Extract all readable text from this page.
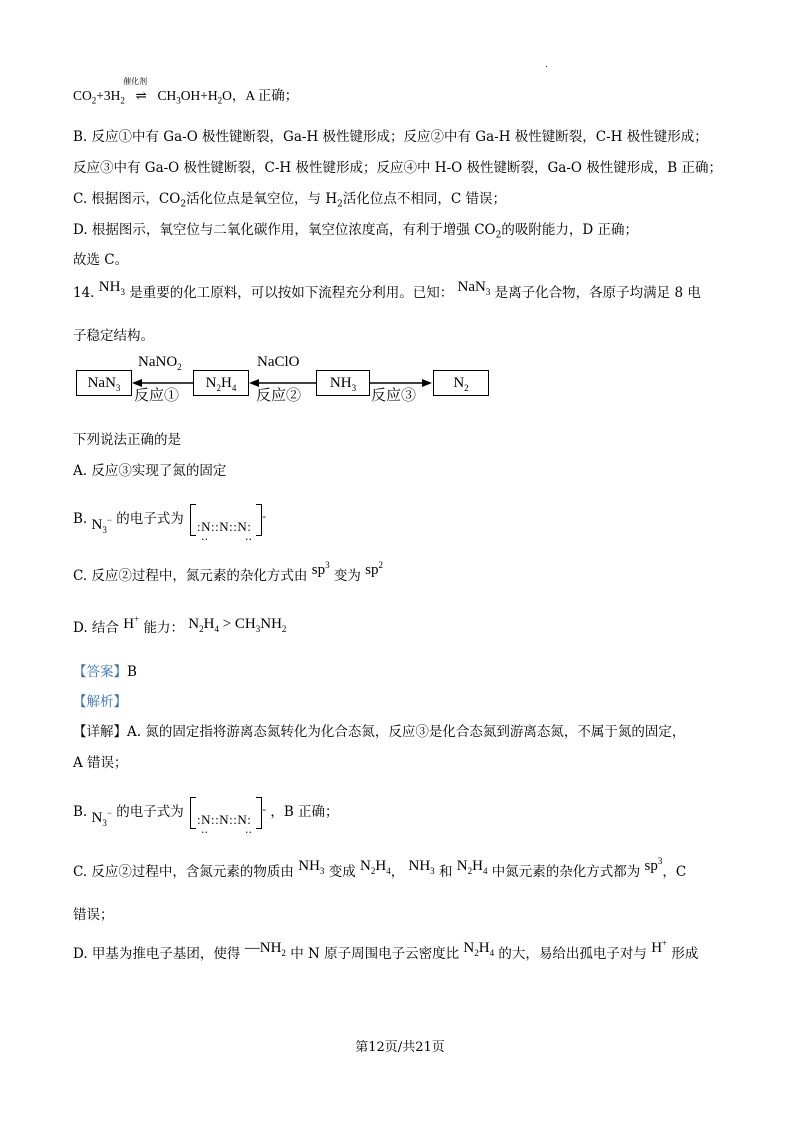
.
$CO_2+3H_2$
催化剂
⇌ $CH_3OH+H_2O$，A 正确；
B. 反应①中有 Ga-O 极性键断裂，Ga-H 极性键形成；反应②中有 Ga-H 极性键断裂，C-H 极性键形成；
反应③中有 Ga-O 极性键断裂，C-H 极性键形成；反应④中 H-O 极性键断裂，Ga-O 极性键形成，B 正确；
C. 根据图示，$CO_2$活化位点是氧空位，与 $H_2$活化位点不相同，C 错误；
D. 根据图示，氧空位与二氧化碳作用，氧空位浓度高，有利于增强 $CO_2$的吸附能力，D 正确；
故选 C。
14. $NH_3$ 是重要的化工原料，可以按如下流程充分利用。已知： NaN$_3$ 是离子化合物，各原子均满足 8 电
子稳定结构。
NaN$_3$	$N_2H_4$	$NH_3$	$N_2$
NaNO$_2$	NaClO
反应①	反应②	反应③
下列说法正确的是
A. 反应③实现了氮的固定
B. $N_3^-$ 的电子式为 :N::N::N:
··	··
-
C. 反应②过程中，氮元素的杂化方式由 $sp^3$ 变为 $sp^2$
D. 结合 H+ 能力： $N_2H_4 > CH_3NH_2$
【答案】B
【解析】
【详解】A. 氮的固定指将游离态氮转化为化合态氮，反应③是化合态氮到游离态氮，不属于氮的固定，
A 错误；
B. $N_3^-$ 的电子式为 :N::N::N:
··	··
- ，B 正确；
C. 反应②过程中，含氮元素的物质由 $NH_3$ 变成 $N_2H_4$， $NH_3$ 和 $N_2H_4$ 中氮元素的杂化方式都为 $sp^3$，C
错误；
D. 甲基为推电子基团，使得 $—NH_2$ 中 N 原子周围电子云密度比 $N_2H_4$ 的大，易给出孤电子对与 H+ 形成
第12页/共21页
